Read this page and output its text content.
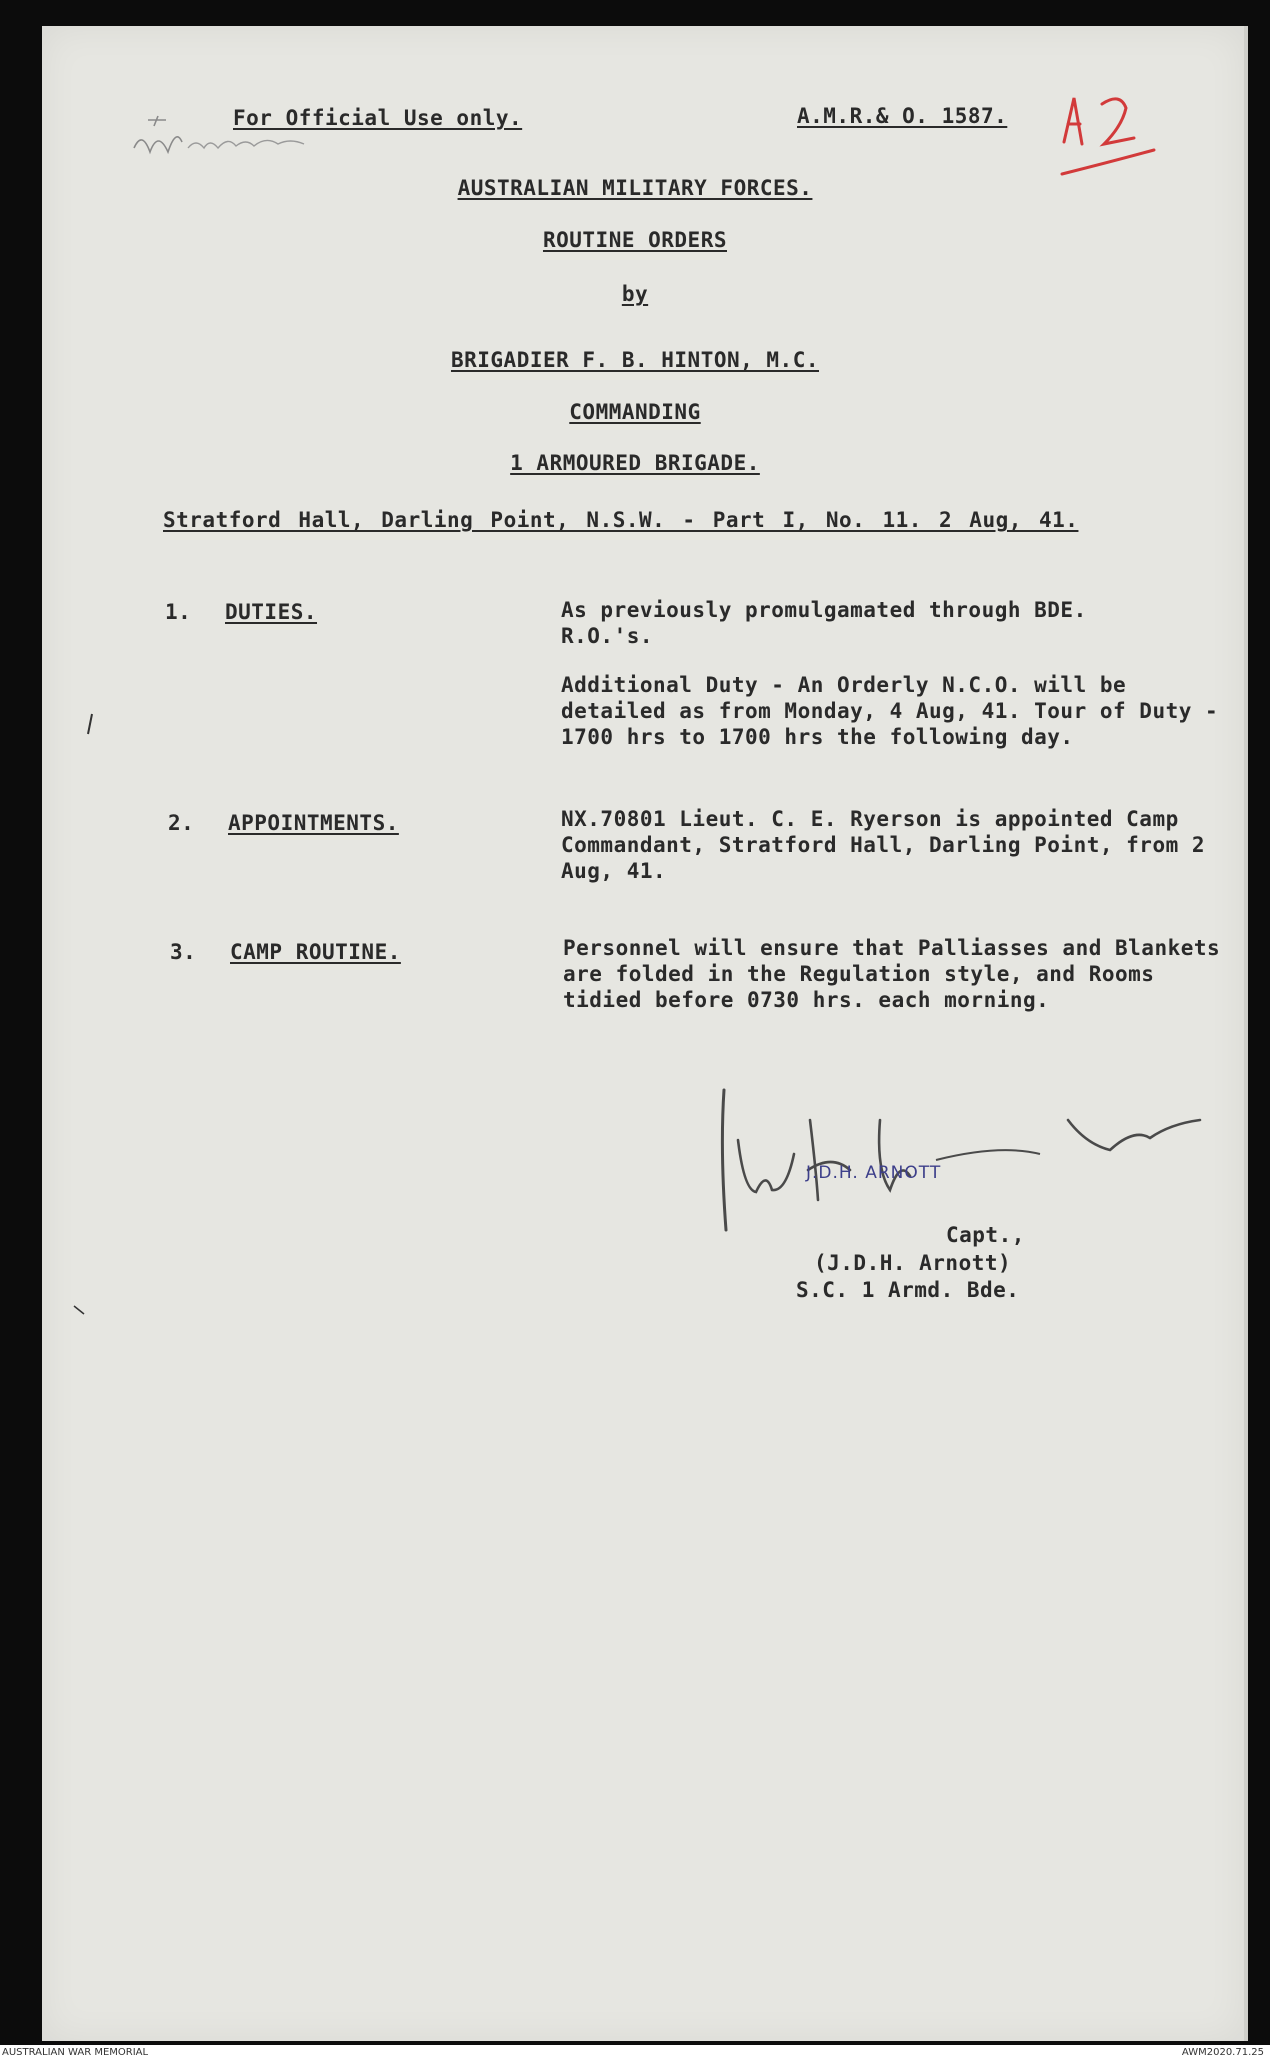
For Official Use only.	A.M.R.& O. 1587.
AUSTRALIAN MILITARY FORCES.
ROUTINE ORDERS
by
BRIGADIER F. B. HINTON, M.C.
COMMANDING
1 ARMOURED BRIGADE.
Stratford Hall, Darling Point, N.S.W. - Part I, No. 11. 2 Aug, 41.
1. DUTIES.	As previously promulgamated through BDE. R.O.'s.
Additional Duty - An Orderly N.C.O. will be detailed as from Monday, 4 Aug, 41. Tour of Duty - 1700 hrs to 1700 hrs the following day.
2. APPOINTMENTS.	NX.70801 Lieut. C. E. Ryerson is appointed Camp Commandant, Stratford Hall, Darling Point, from 2 Aug, 41.
3. CAMP ROUTINE.	Personnel will ensure that Palliasses and Blankets are folded in the Regulation style, and Rooms tidied before 0730 hrs. each morning.
J.D.H. ARNOTT
Capt.,
(J.D.H. Arnott)
S.C. 1 Armd. Bde.
AUSTRALIAN WAR MEMORIAL	AWM2020.71.25
